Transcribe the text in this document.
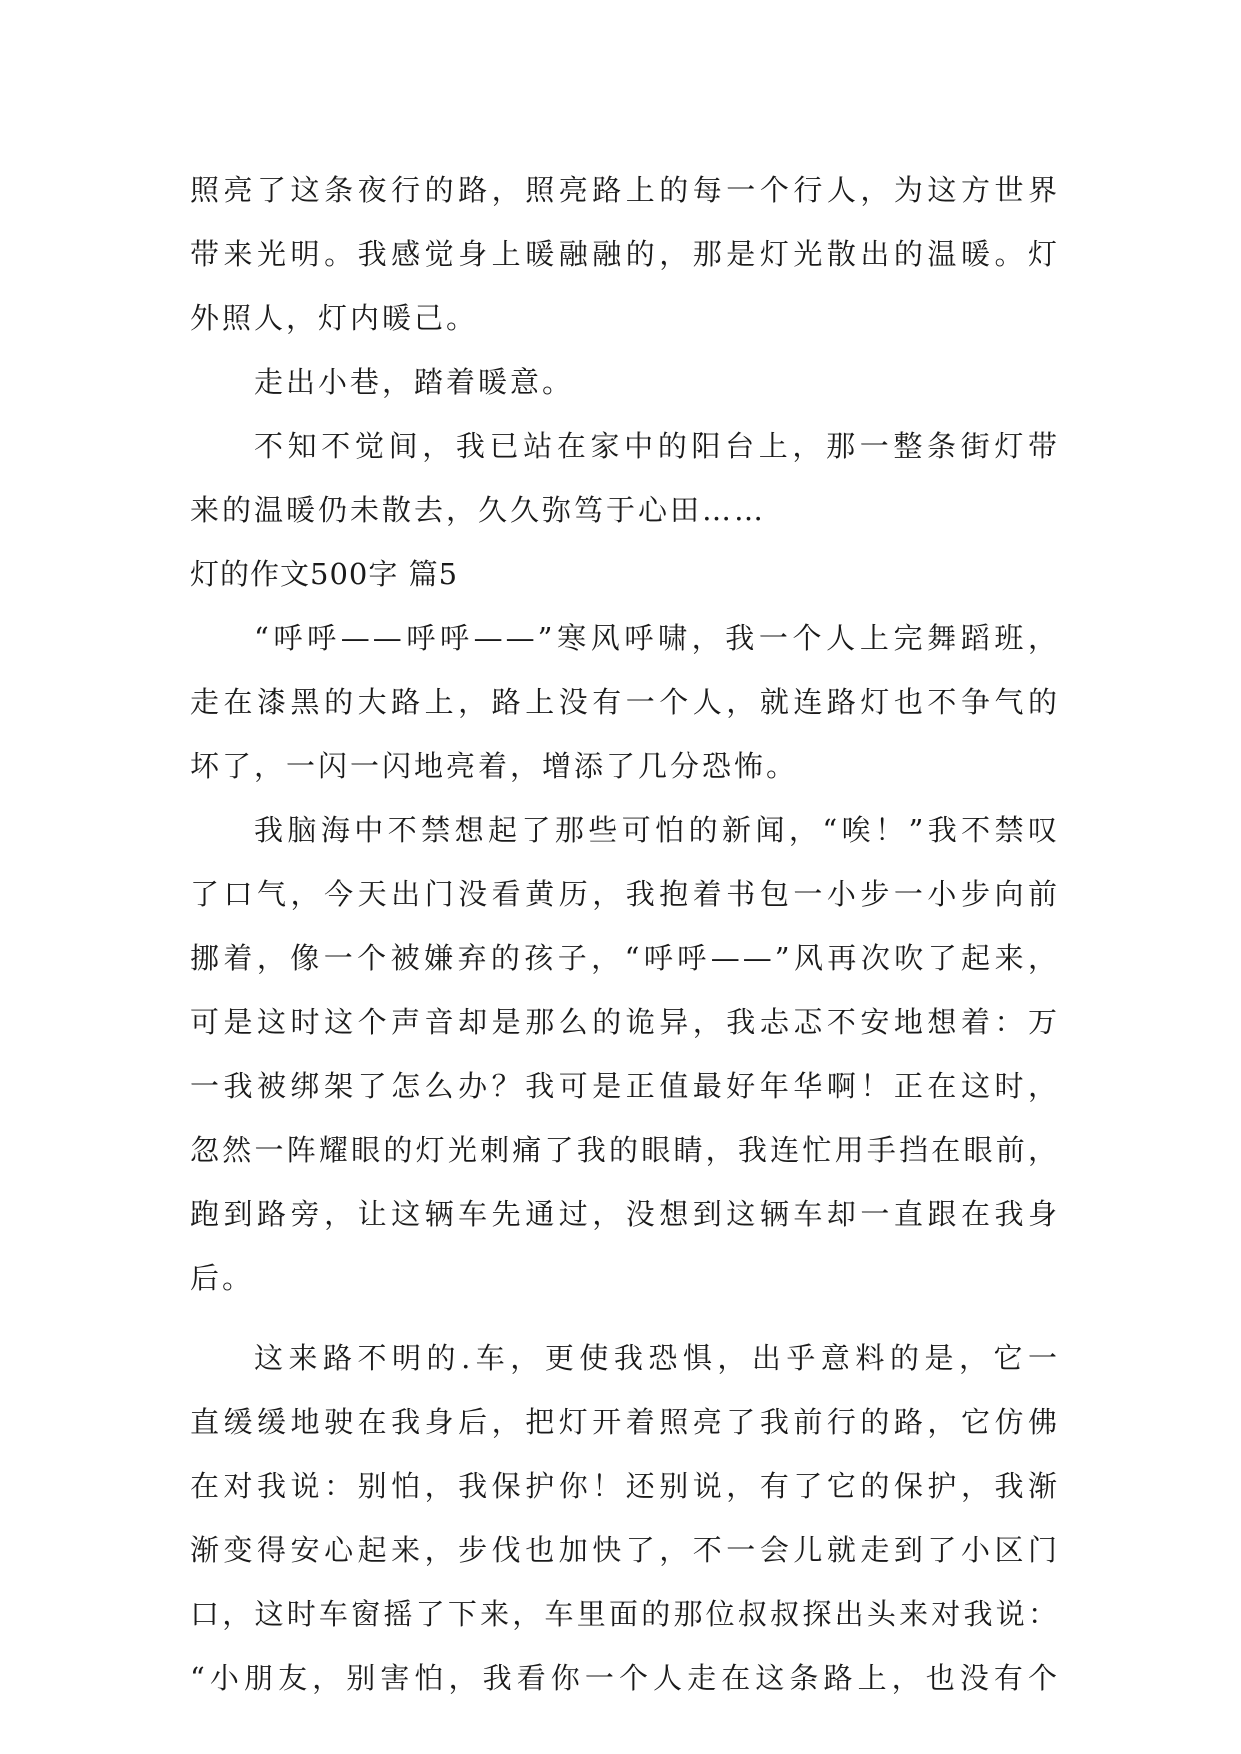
照亮了这条夜行的路，照亮路上的每一个行人，为这方世界
带来光明。我感觉身上暖融融的，那是灯光散出的温暖。灯
外照人，灯内暖己。
走出小巷，踏着暖意。
不知不觉间，我已站在家中的阳台上，那一整条街灯带
来的温暖仍未散去，久久弥笃于心田……
灯的作文500字 篇5
“呼呼——呼呼——”寒风呼啸，我一个人上完舞蹈班，
走在漆黑的大路上，路上没有一个人，就连路灯也不争气的
坏了，一闪一闪地亮着，增添了几分恐怖。
我脑海中不禁想起了那些可怕的新闻，“唉！”我不禁叹
了口气，今天出门没看黄历，我抱着书包一小步一小步向前
挪着，像一个被嫌弃的孩子，“呼呼——”风再次吹了起来，
可是这时这个声音却是那么的诡异，我忐忑不安地想着：万
一我被绑架了怎么办？我可是正值最好年华啊！正在这时，
忽然一阵耀眼的灯光刺痛了我的眼睛，我连忙用手挡在眼前，
跑到路旁，让这辆车先通过，没想到这辆车却一直跟在我身
后。
这来路不明的.车，更使我恐惧，出乎意料的是，它一
直缓缓地驶在我身后，把灯开着照亮了我前行的路，它仿佛
在对我说：别怕，我保护你！还别说，有了它的保护，我渐
渐变得安心起来，步伐也加快了，不一会儿就走到了小区门
口，这时车窗摇了下来，车里面的那位叔叔探出头来对我说：
“小朋友，别害怕，我看你一个人走在这条路上，也没有个
